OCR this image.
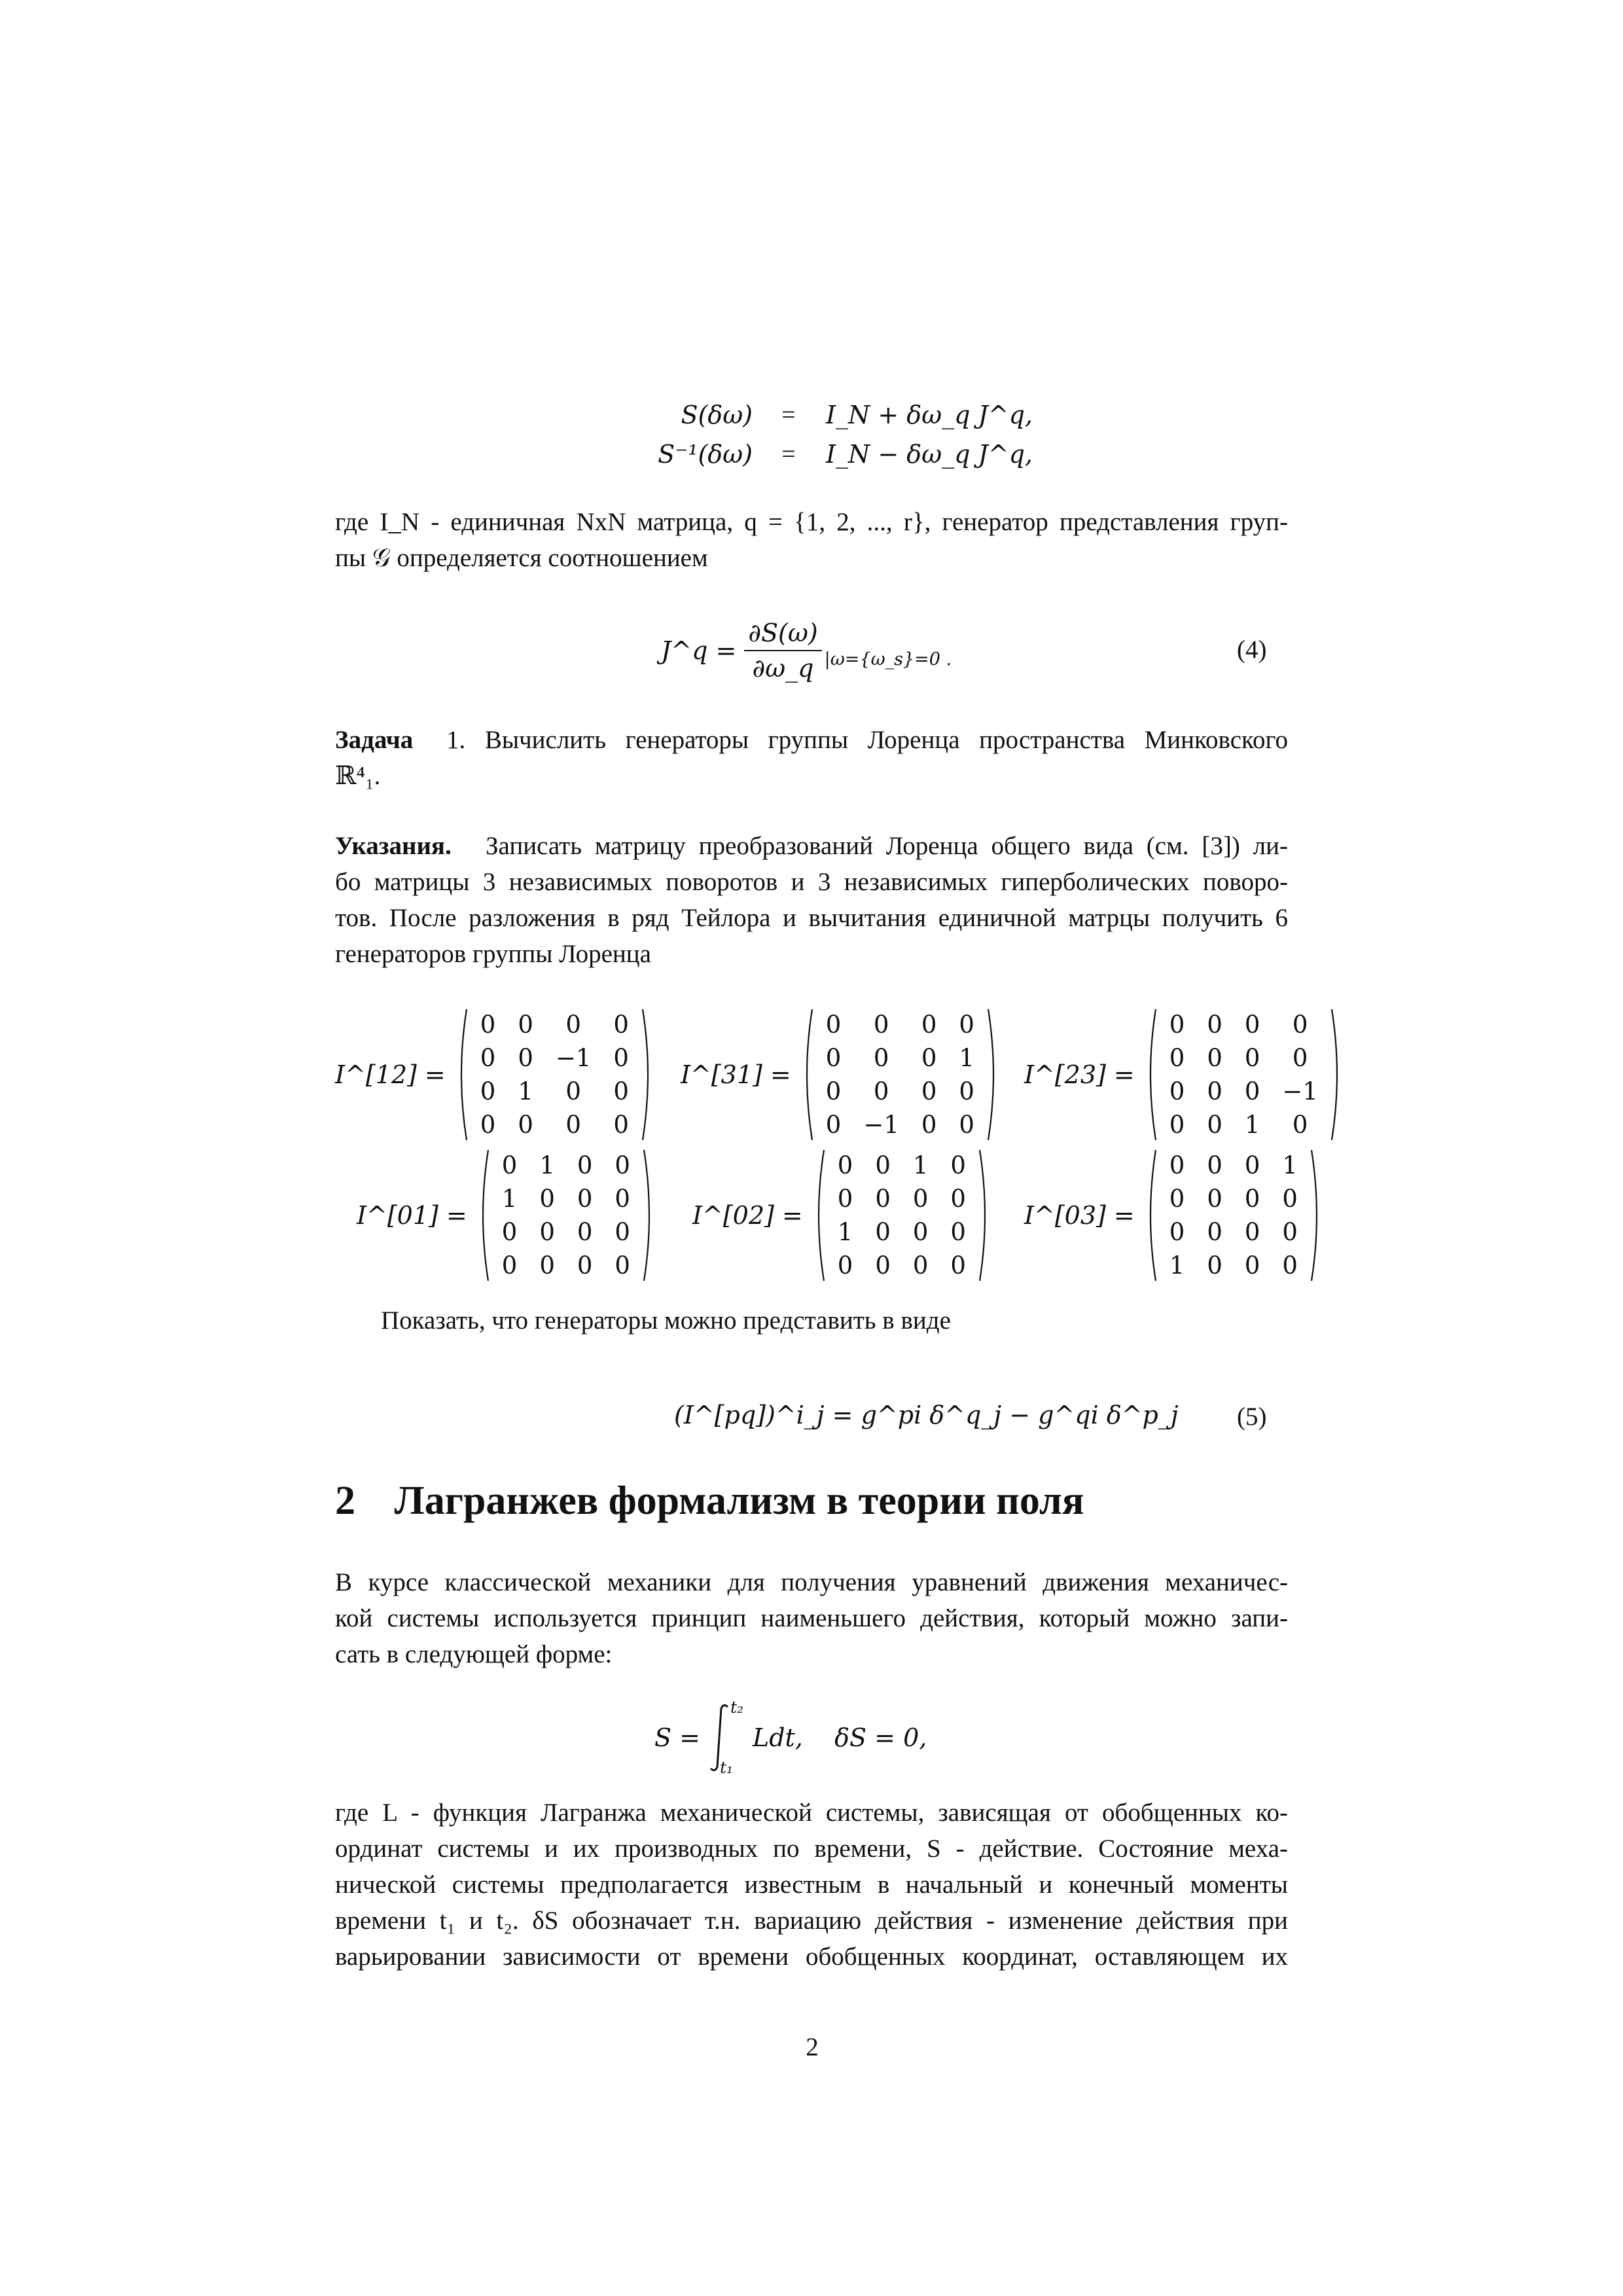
S(δω)	=	I_N + δω_q J^q,
S⁻¹(δω)	=	I_N − δω_q J^q,
где I_N - единичная NxN матрица, q = {1, 2, ..., r}, генератор представления груп-
пы 𝒢 определяется соотношением
J^q = $\frac{\partial S(\omega)}{\partial\omega\_q}$ |ω={ω_s}=0 .	(4)
Задача	1. Вычислить генераторы группы Лоренца пространства Минковского
ℝ⁴₁.
Указания.	Записать матрицу преобразований Лоренца общего вида (см. [3]) ли-
бо матрицы 3 независимых поворотов и 3 независимых гиперболических поворо-
тов. После разложения в ряд Тейлора и вычитания единичной матрцы получить 6
генераторов группы Лоренца
I^[12] =
0	0	0	0
0	0	−1	0
0	1	0	0
0	0	0	0
I^[31] =
0	0	0	0
0	0	0	1
0	0	0	0
0	−1	0	0
I^[23] =
0	0	0	0
0	0	0	0
0	0	0	−1
0	0	1	0
I^[01] =
0	1	0	0
1	0	0	0
0	0	0	0
0	0	0	0
I^[02] =
0	0	1	0
0	0	0	0
1	0	0	0
0	0	0	0
I^[03] =
0	0	0	1
0	0	0	0
0	0	0	0
1	0	0	0
Показать, что генераторы можно представить в виде
(I^[pq])^i_j = g^pi δ^q_j − g^qi δ^p_j (5)
2 Лагранжев формализм в теории поля
В курсе классической механики для получения уравнений движения механичес-
кой системы используется принцип наименьшего действия, который можно запи-
сать в следующей форме:
S =
t₂
t₁
Ldt,    δS = 0,
где L - функция Лагранжа механической системы, зависящая от обобщенных ко-
ординат системы и их производных по времени, S - действие. Состояние меха-
нической системы предполагается известным в начальный и конечный моменты
времени t₁ и t₂. δS обозначает т.н. вариацию действия - изменение действия при
варьировании зависимости от времени обобщенных координат, оставляющем их
2
